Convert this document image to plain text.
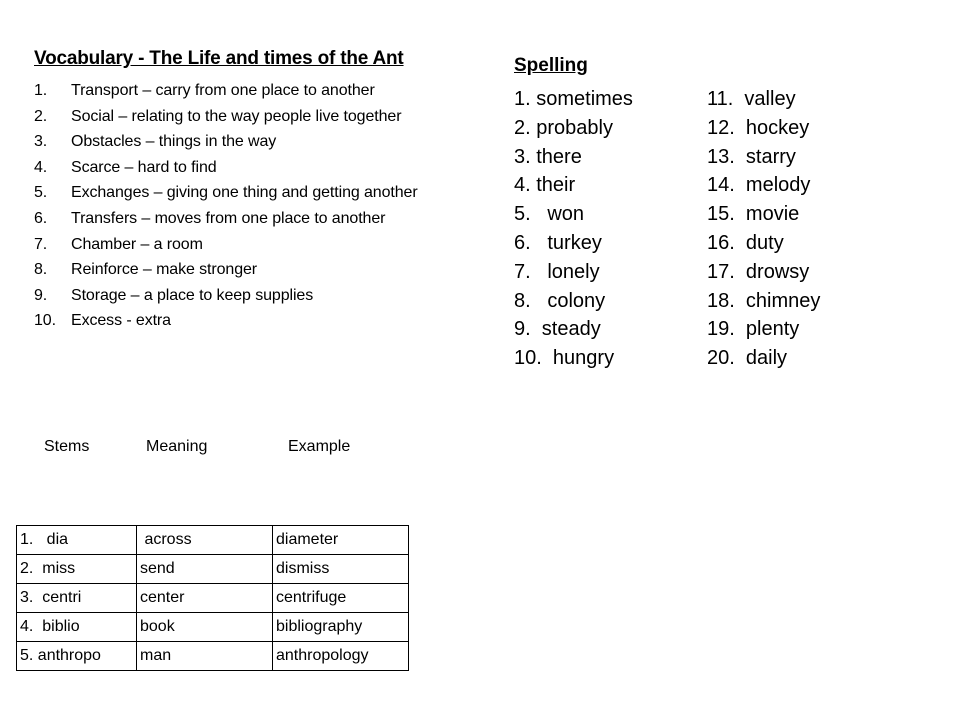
Vocabulary - The Life and times of the Ant
1. Transport – carry from one place to another
2. Social – relating to the way people live together
3. Obstacles – things in the way
4. Scarce – hard to find
5. Exchanges – giving one thing and getting another
6. Transfers – moves from one place to another
7. Chamber – a room
8. Reinforce – make stronger
9. Storage – a place to keep supplies
10. Excess - extra
Spelling
1. sometimes
2. probably
3. there
4. their
5.   won
6.   turkey
7.   lonely
8.   colony
9.  steady
10.  hungry
11.  valley
12.  hockey
13.  starry
14.  melody
15.  movie
16.  duty
17.  drowsy
18.  chimney
19.  plenty
20.  daily
Stems	Meaning	Example
1.   dia	across	diameter
2.  miss	send	dismiss
3.  centri	center	centrifuge
4.  biblio	book	bibliography
5. anthropo	man	anthropology
